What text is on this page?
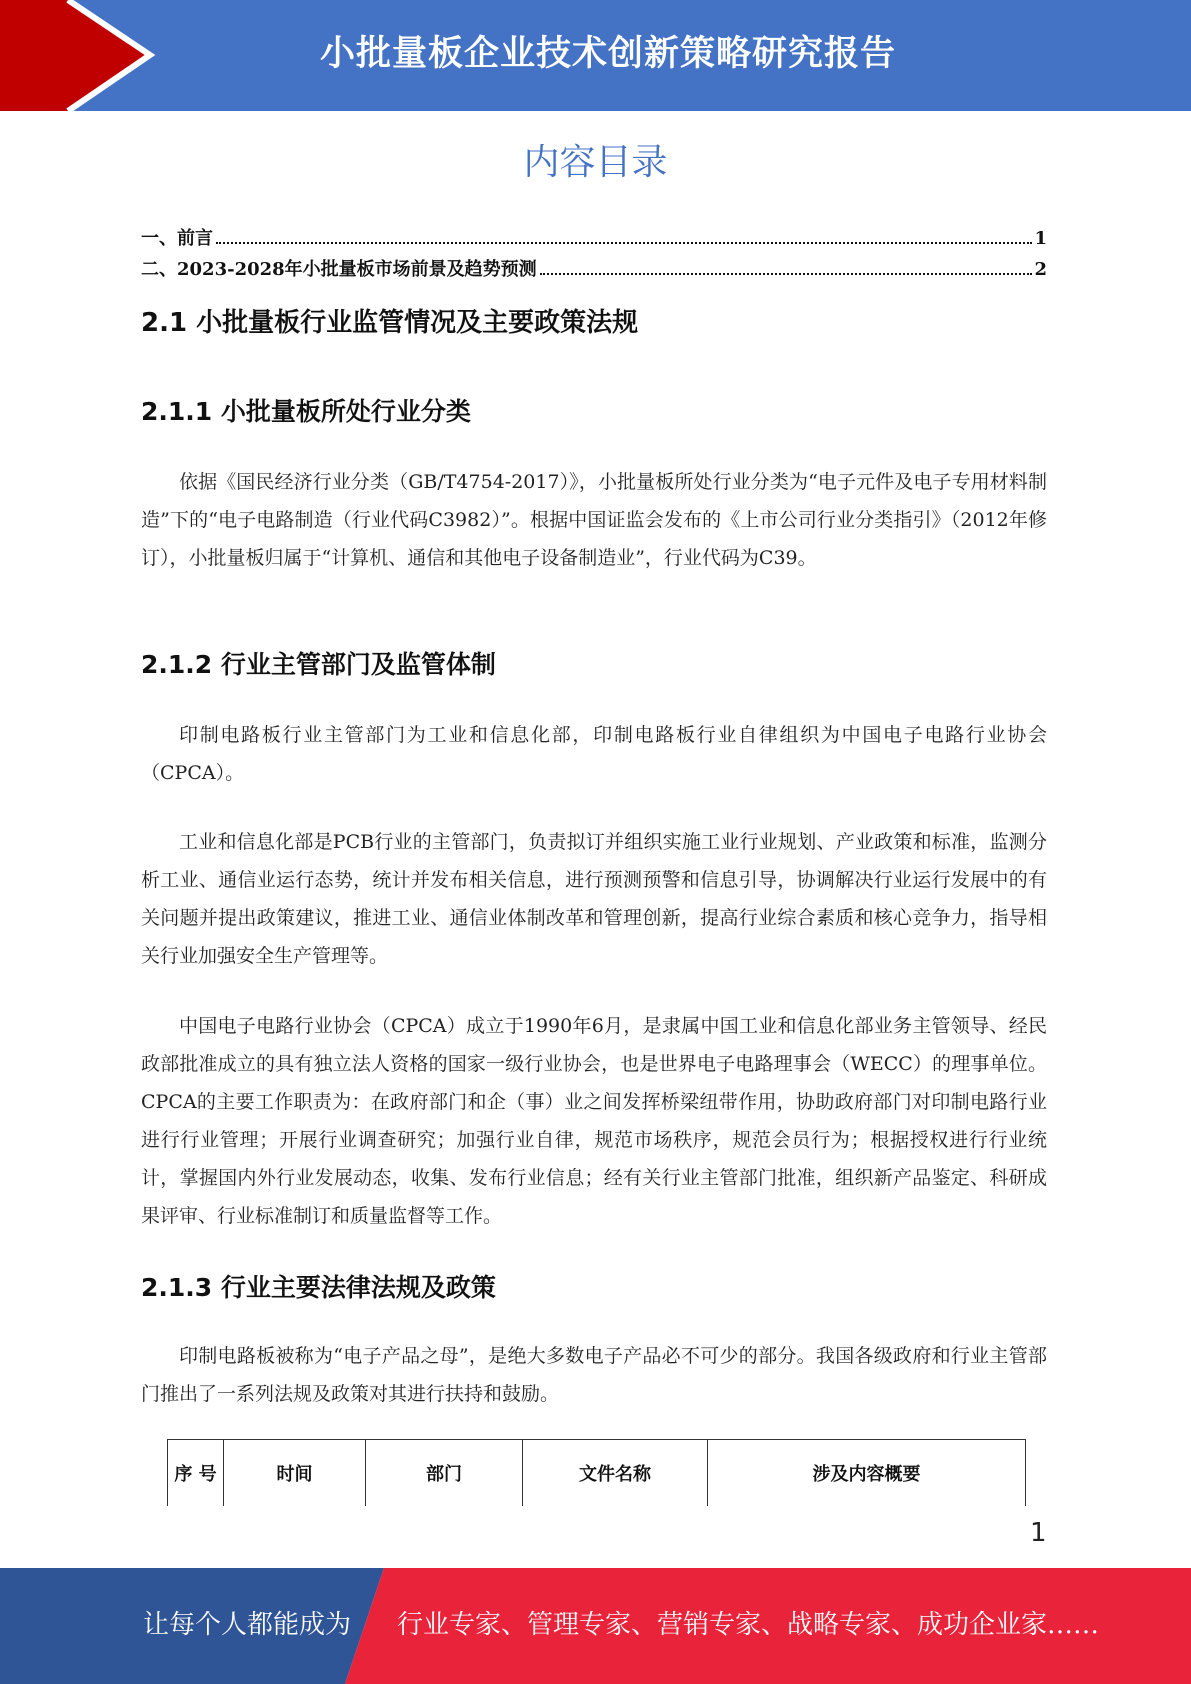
小批量板企业技术创新策略研究报告
内容目录
一、前言	1
二、2023-2028年小批量板市场前景及趋势预测	2
2.1 小批量板行业监管情况及主要政策法规
2.1.1 小批量板所处行业分类

依据《国民经济行业分类（GB/T4754-2017）》，小批量板所处行业分类为“电子元件及电子专用材料制造”下的“电子电路制造（行业代码C3982）”。根据中国证监会发布的《上市公司行业分类指引》（2012年修订），小批量板归属于“计算机、通信和其他电子设备制造业”，行业代码为C39。

2.1.2 行业主管部门及监管体制

印制电路板行业主管部门为工业和信息化部，印制电路板行业自律组织为中国电子电路行业协会（CPCA）。

工业和信息化部是PCB行业的主管部门，负责拟订并组织实施工业行业规划、产业政策和标准，监测分析工业、通信业运行态势，统计并发布相关信息，进行预测预警和信息引导，协调解决行业运行发展中的有关问题并提出政策建议，推进工业、通信业体制改革和管理创新，提高行业综合素质和核心竞争力，指导相关行业加强安全生产管理等。

中国电子电路行业协会（CPCA）成立于1990年6月，是隶属中国工业和信息化部业务主管领导、经民政部批准成立的具有独立法人资格的国家一级行业协会，也是世界电子电路理事会（WECC）的理事单位。CPCA的主要工作职责为：在政府部门和企（事）业之间发挥桥梁纽带作用，协助政府部门对印制电路行业进行行业管理；开展行业调查研究；加强行业自律，规范市场秩序，规范会员行为；根据授权进行行业统计，掌握国内外行业发展动态，收集、发布行业信息；经有关行业主管部门批准，组织新产品鉴定、科研成果评审、行业标准制订和质量监督等工作。

2.1.3 行业主要法律法规及政策

印制电路板被称为“电子产品之母”，是绝大多数电子产品必不可少的部分。我国各级政府和行业主管部门推出了一系列法规及政策对其进行扶持和鼓励。

序 号	时间	部门	文件名称	涉及内容概要
1
让每个人都能成为 行业专家、管理专家、营销专家、战略专家、成功企业家……
